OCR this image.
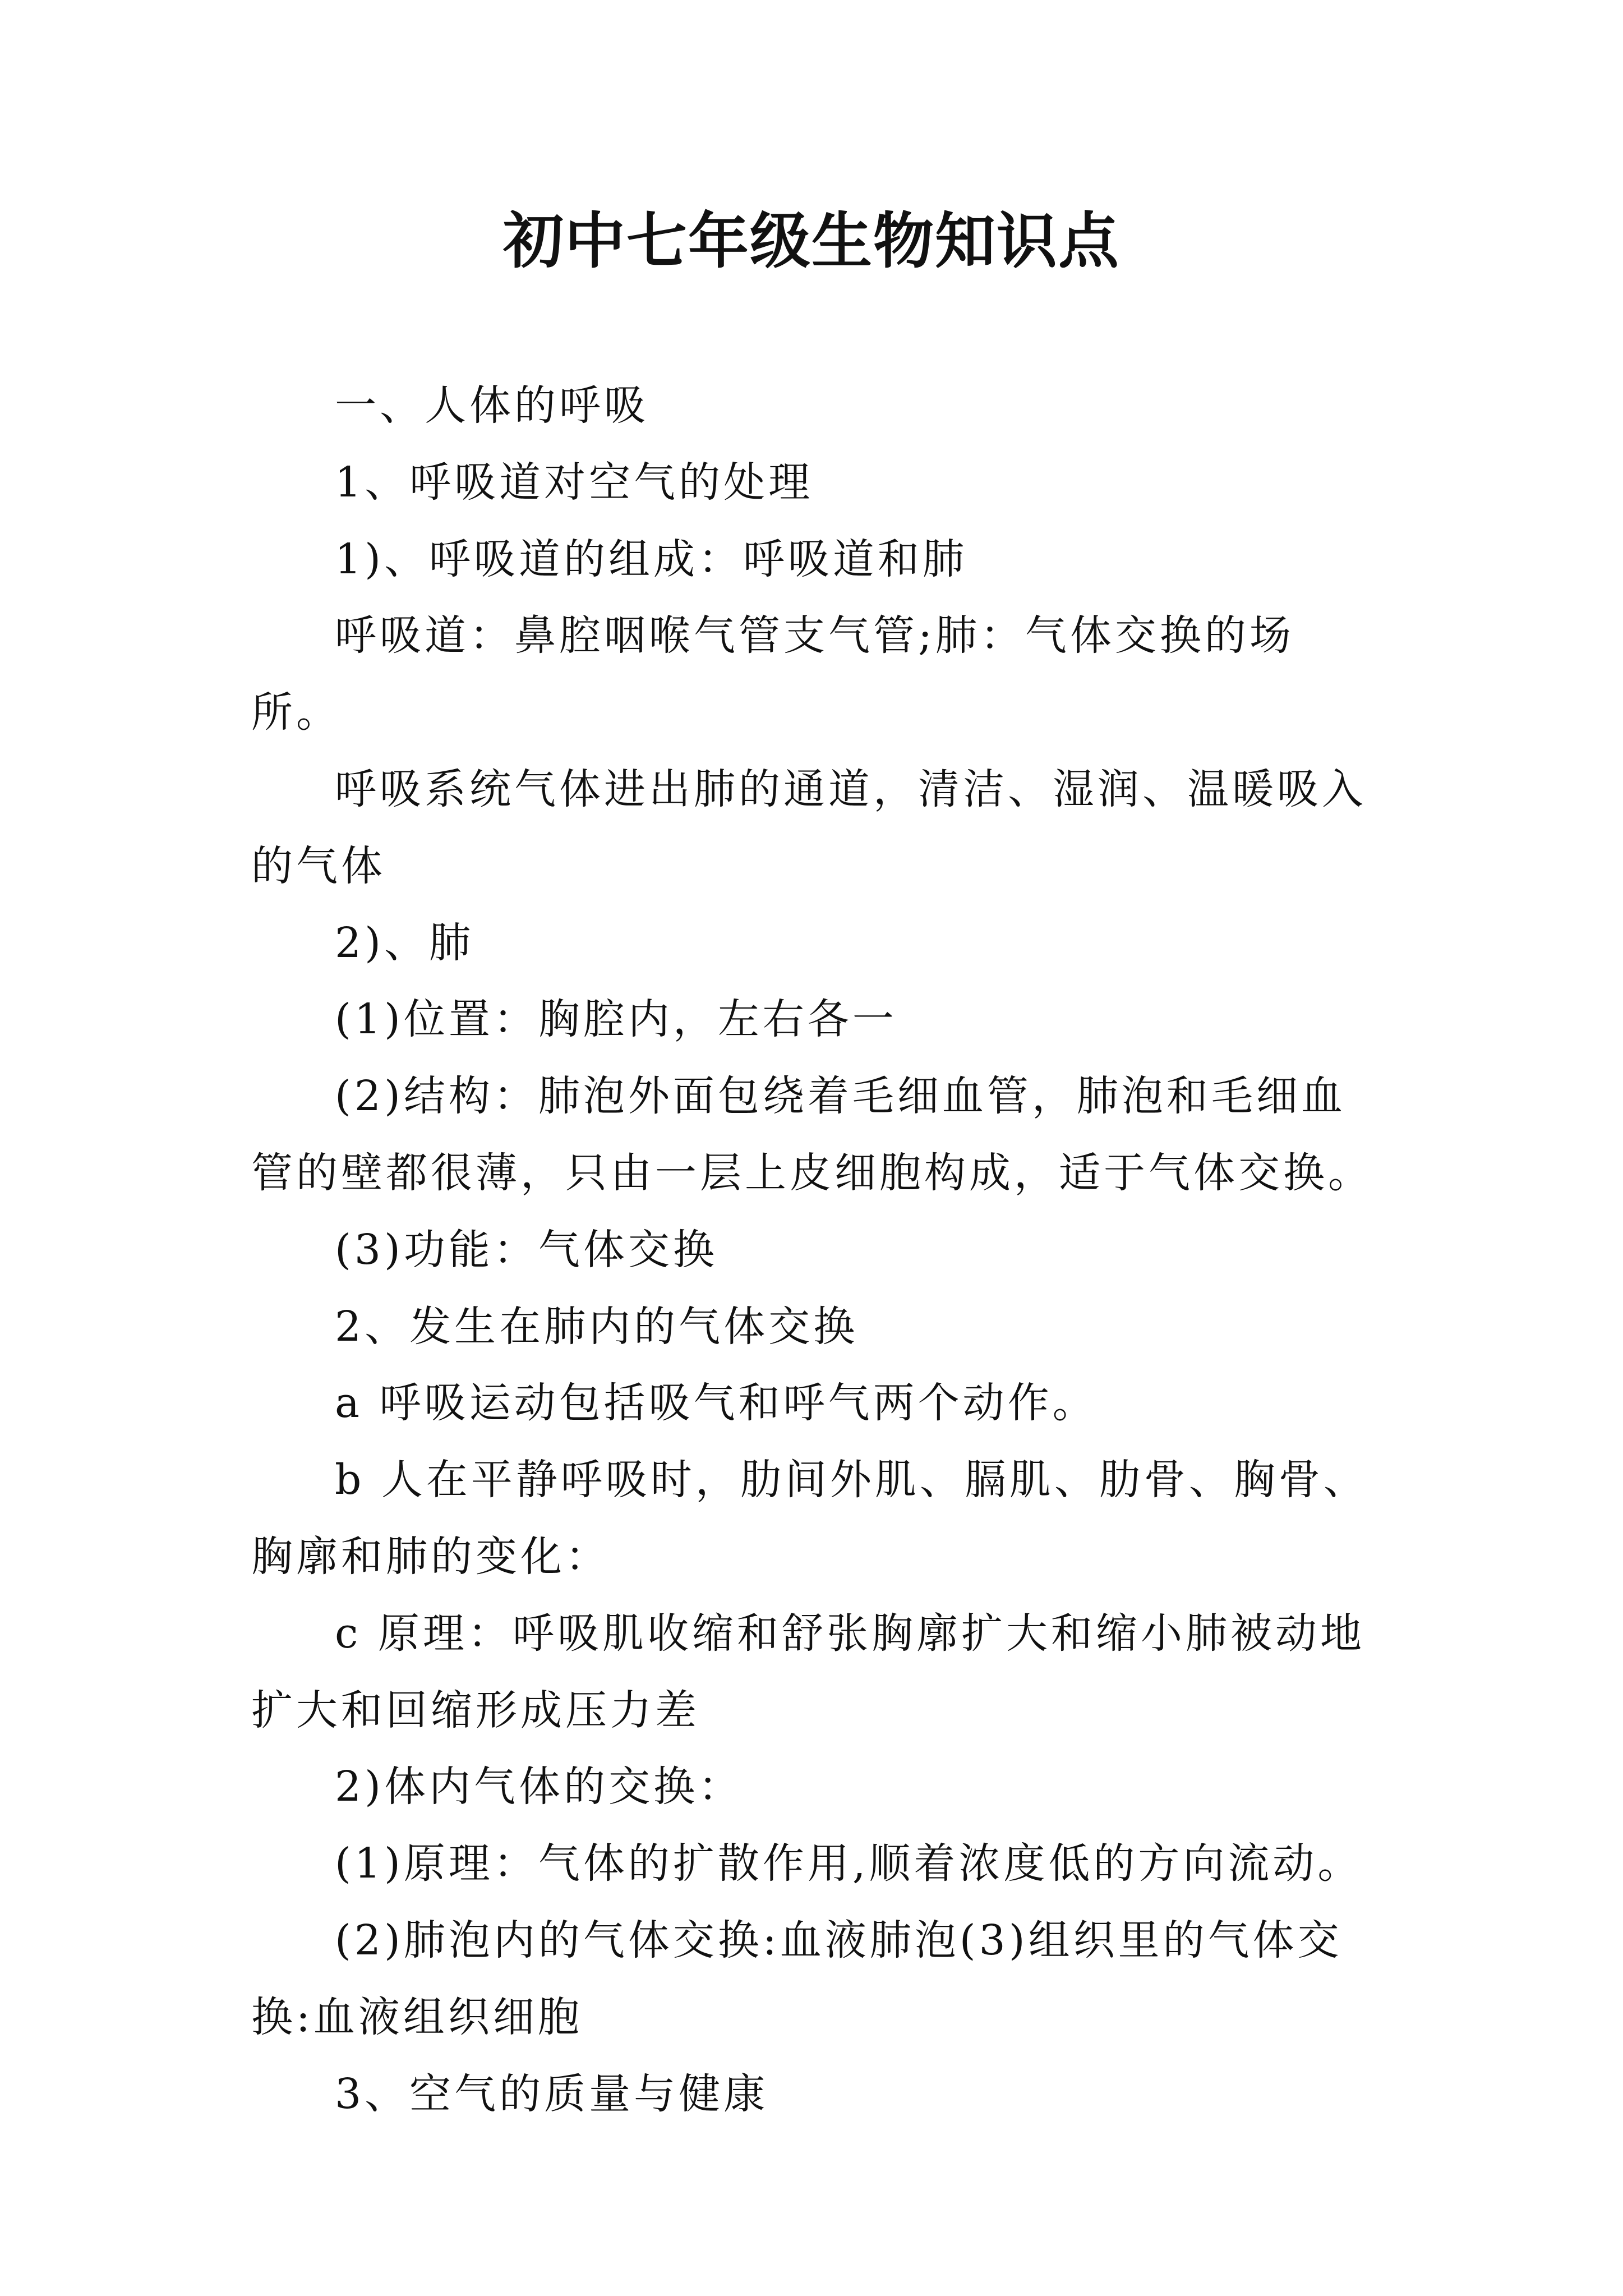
初中七年级生物知识点

一、人体的呼吸

1、呼吸道对空气的处理

1)、呼吸道的组成：呼吸道和肺

呼吸道：鼻腔咽喉气管支气管;肺：气体交换的场所。

呼吸系统气体进出肺的通道，清洁、湿润、温暖吸入的气体

2)、肺

(1)位置：胸腔内，左右各一

(2)结构：肺泡外面包绕着毛细血管，肺泡和毛细血管的壁都很薄，只由一层上皮细胞构成，适于气体交换。

(3)功能：气体交换

2、发生在肺内的气体交换

a 呼吸运动包括吸气和呼气两个动作。

b 人在平静呼吸时，肋间外肌、膈肌、肋骨、胸骨、胸廓和肺的变化：

c 原理：呼吸肌收缩和舒张胸廓扩大和缩小肺被动地扩大和回缩形成压力差

2)体内气体的交换：

(1)原理：气体的扩散作用,顺着浓度低的方向流动。

(2)肺泡内的气体交换:血液肺泡(3)组织里的气体交换:血液组织细胞

3、空气的质量与健康
